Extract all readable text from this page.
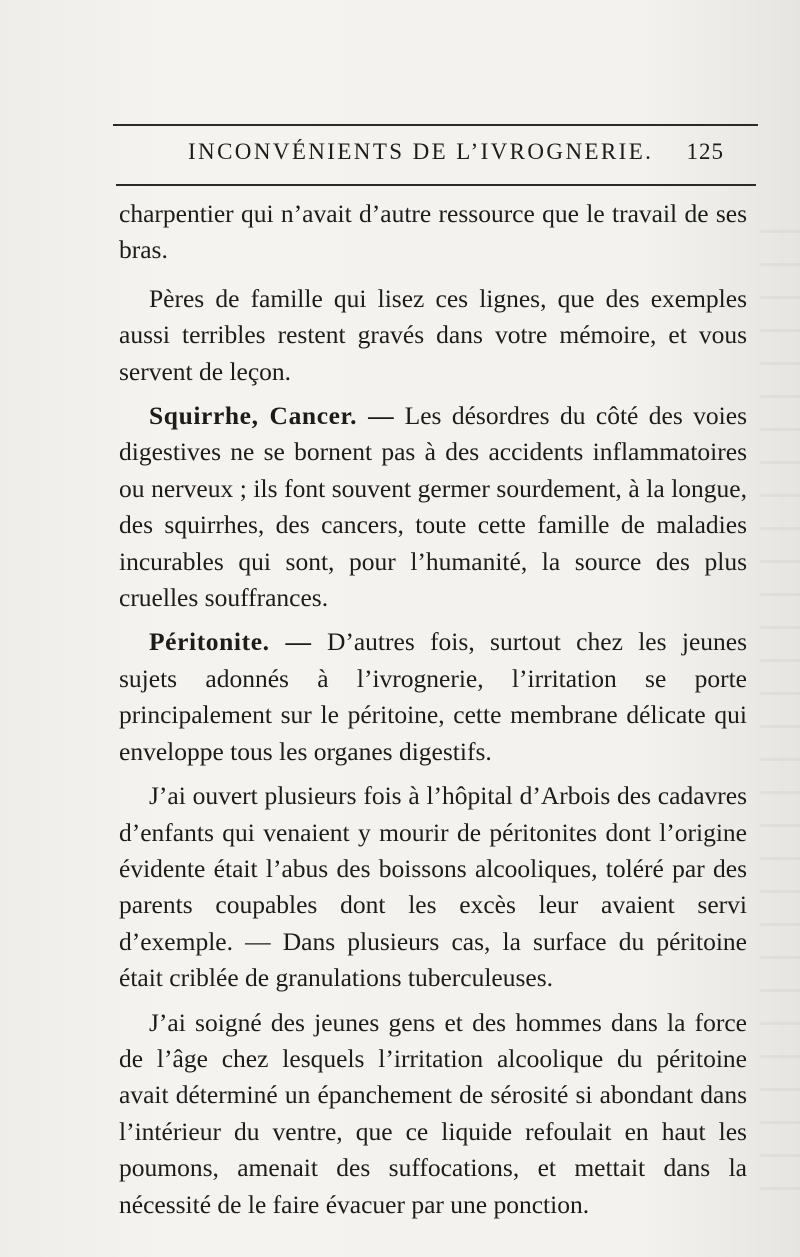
INCONVÉNIENTS DE L’IVROGNERIE. 125

charpentier qui n’avait d’autre ressource que le travail de ses bras.

Pères de famille qui lisez ces lignes, que des exemples aussi terribles restent gravés dans votre mémoire, et vous servent de leçon.

Squirrhe, Cancer. — Les désordres du côté des voies digestives ne se bornent pas à des accidents inflammatoires ou nerveux ; ils font souvent germer sourdement, à la longue, des squirrhes, des cancers, toute cette famille de maladies incurables qui sont, pour l’humanité, la source des plus cruelles souffrances.

Péritonite. — D’autres fois, surtout chez les jeunes sujets adonnés à l’ivrognerie, l’irritation se porte principalement sur le péritoine, cette membrane délicate qui enveloppe tous les organes digestifs.

J’ai ouvert plusieurs fois à l’hôpital d’Arbois des cadavres d’enfants qui venaient y mourir de péritonites dont l’origine évidente était l’abus des boissons alcooliques, toléré par des parents coupables dont les excès leur avaient servi d’exemple. — Dans plusieurs cas, la surface du péritoine était criblée de granulations tuberculeuses.

J’ai soigné des jeunes gens et des hommes dans la force de l’âge chez lesquels l’irritation alcoolique du péritoine avait déterminé un épanchement de sérosité si abondant dans l’intérieur du ventre, que ce liquide refoulait en haut les poumons, amenait des suffocations, et mettait dans la nécessité de le faire évacuer par une ponction.
